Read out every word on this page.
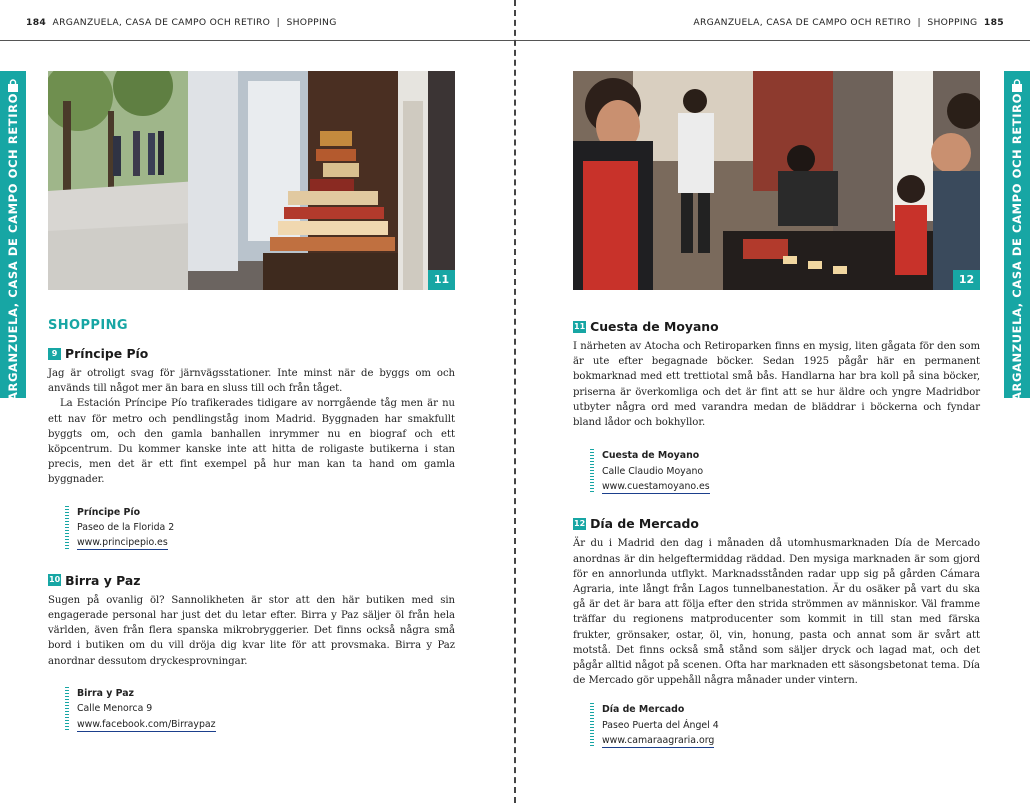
184 ARGANZUELA, CASA DE CAMPO OCH RETIRO  |  SHOPPING
ARGANZUELA, CASA DE CAMPO OCH RETIRO	11
SHOPPING
9 Príncipe Pío

Jag är otroligt svag för järnvägsstationer. Inte minst när de byggs om och används till något mer än bara en sluss till och från tåget.

La Estación Príncipe Pío trafikerades tidigare av norrgående tåg men är nu ett nav för metro och pendlingståg inom Madrid. Byggnaden har smakfullt byggts om, och den gamla banhallen inrymmer nu en biograf och ett köpcentrum. Du kommer kanske inte att hitta de roligaste butikerna i stan precis, men det är ett fint exempel på hur man kan ta hand om gamla byggnader.

Príncipe Pío
Paseo de la Florida 2
www.principepio.es
10 Birra y Paz

Sugen på ovanlig öl? Sannolikheten är stor att den här butiken med sin engagerade personal har just det du letar efter. Birra y Paz säljer öl från hela världen, även från flera spanska mikrobryggerier. Det finns också några små bord i butiken om du vill dröja dig kvar lite för att provsmaka. Birra y Paz anordnar dessutom dryckesprovningar.

Birra y Paz
Calle Menorca 9
www.facebook.com/Birraypaz
ARGANZUELA, CASA DE CAMPO OCH RETIRO  |  SHOPPING 185
ARGANZUELA, CASA DE CAMPO OCH RETIRO
12
11 Cuesta de Moyano

I närheten av Atocha och Retiroparken finns en mysig, liten gågata för den som är ute efter begagnade böcker. Sedan 1925 pågår här en permanent bokmarknad med ett trettiotal små bås. Handlarna har bra koll på sina böcker, priserna är överkomliga och det är fint att se hur äldre och yngre Madridbor utbyter några ord med varandra medan de bläddrar i böckerna och fyndar bland lådor och bokhyllor.

Cuesta de Moyano
Calle Claudio Moyano
www.cuestamoyano.es
12 Día de Mercado

Är du i Madrid den dag i månaden då utomhusmarknaden Día de Mercado anordnas är din helgeftermiddag räddad. Den mysiga marknaden är som gjord för en annorlunda utflykt. Marknadsstånden radar upp sig på gården Cámara Agraria, inte långt från Lagos tunnelbanestation. Är du osäker på vart du ska gå är det är bara att följa efter den strida strömmen av människor. Väl framme träffar du regionens matproducenter som kommit in till stan med färska frukter, grönsaker, ostar, öl, vin, honung, pasta och annat som är svårt att motstå. Det finns också små stånd som säljer dryck och lagad mat, och det pågår alltid något på scenen. Ofta har marknaden ett säsongsbetonat tema. Día de Mercado gör uppehåll några månader under vintern.

Día de Mercado
Paseo Puerta del Ángel 4
www.camaraagraria.org
